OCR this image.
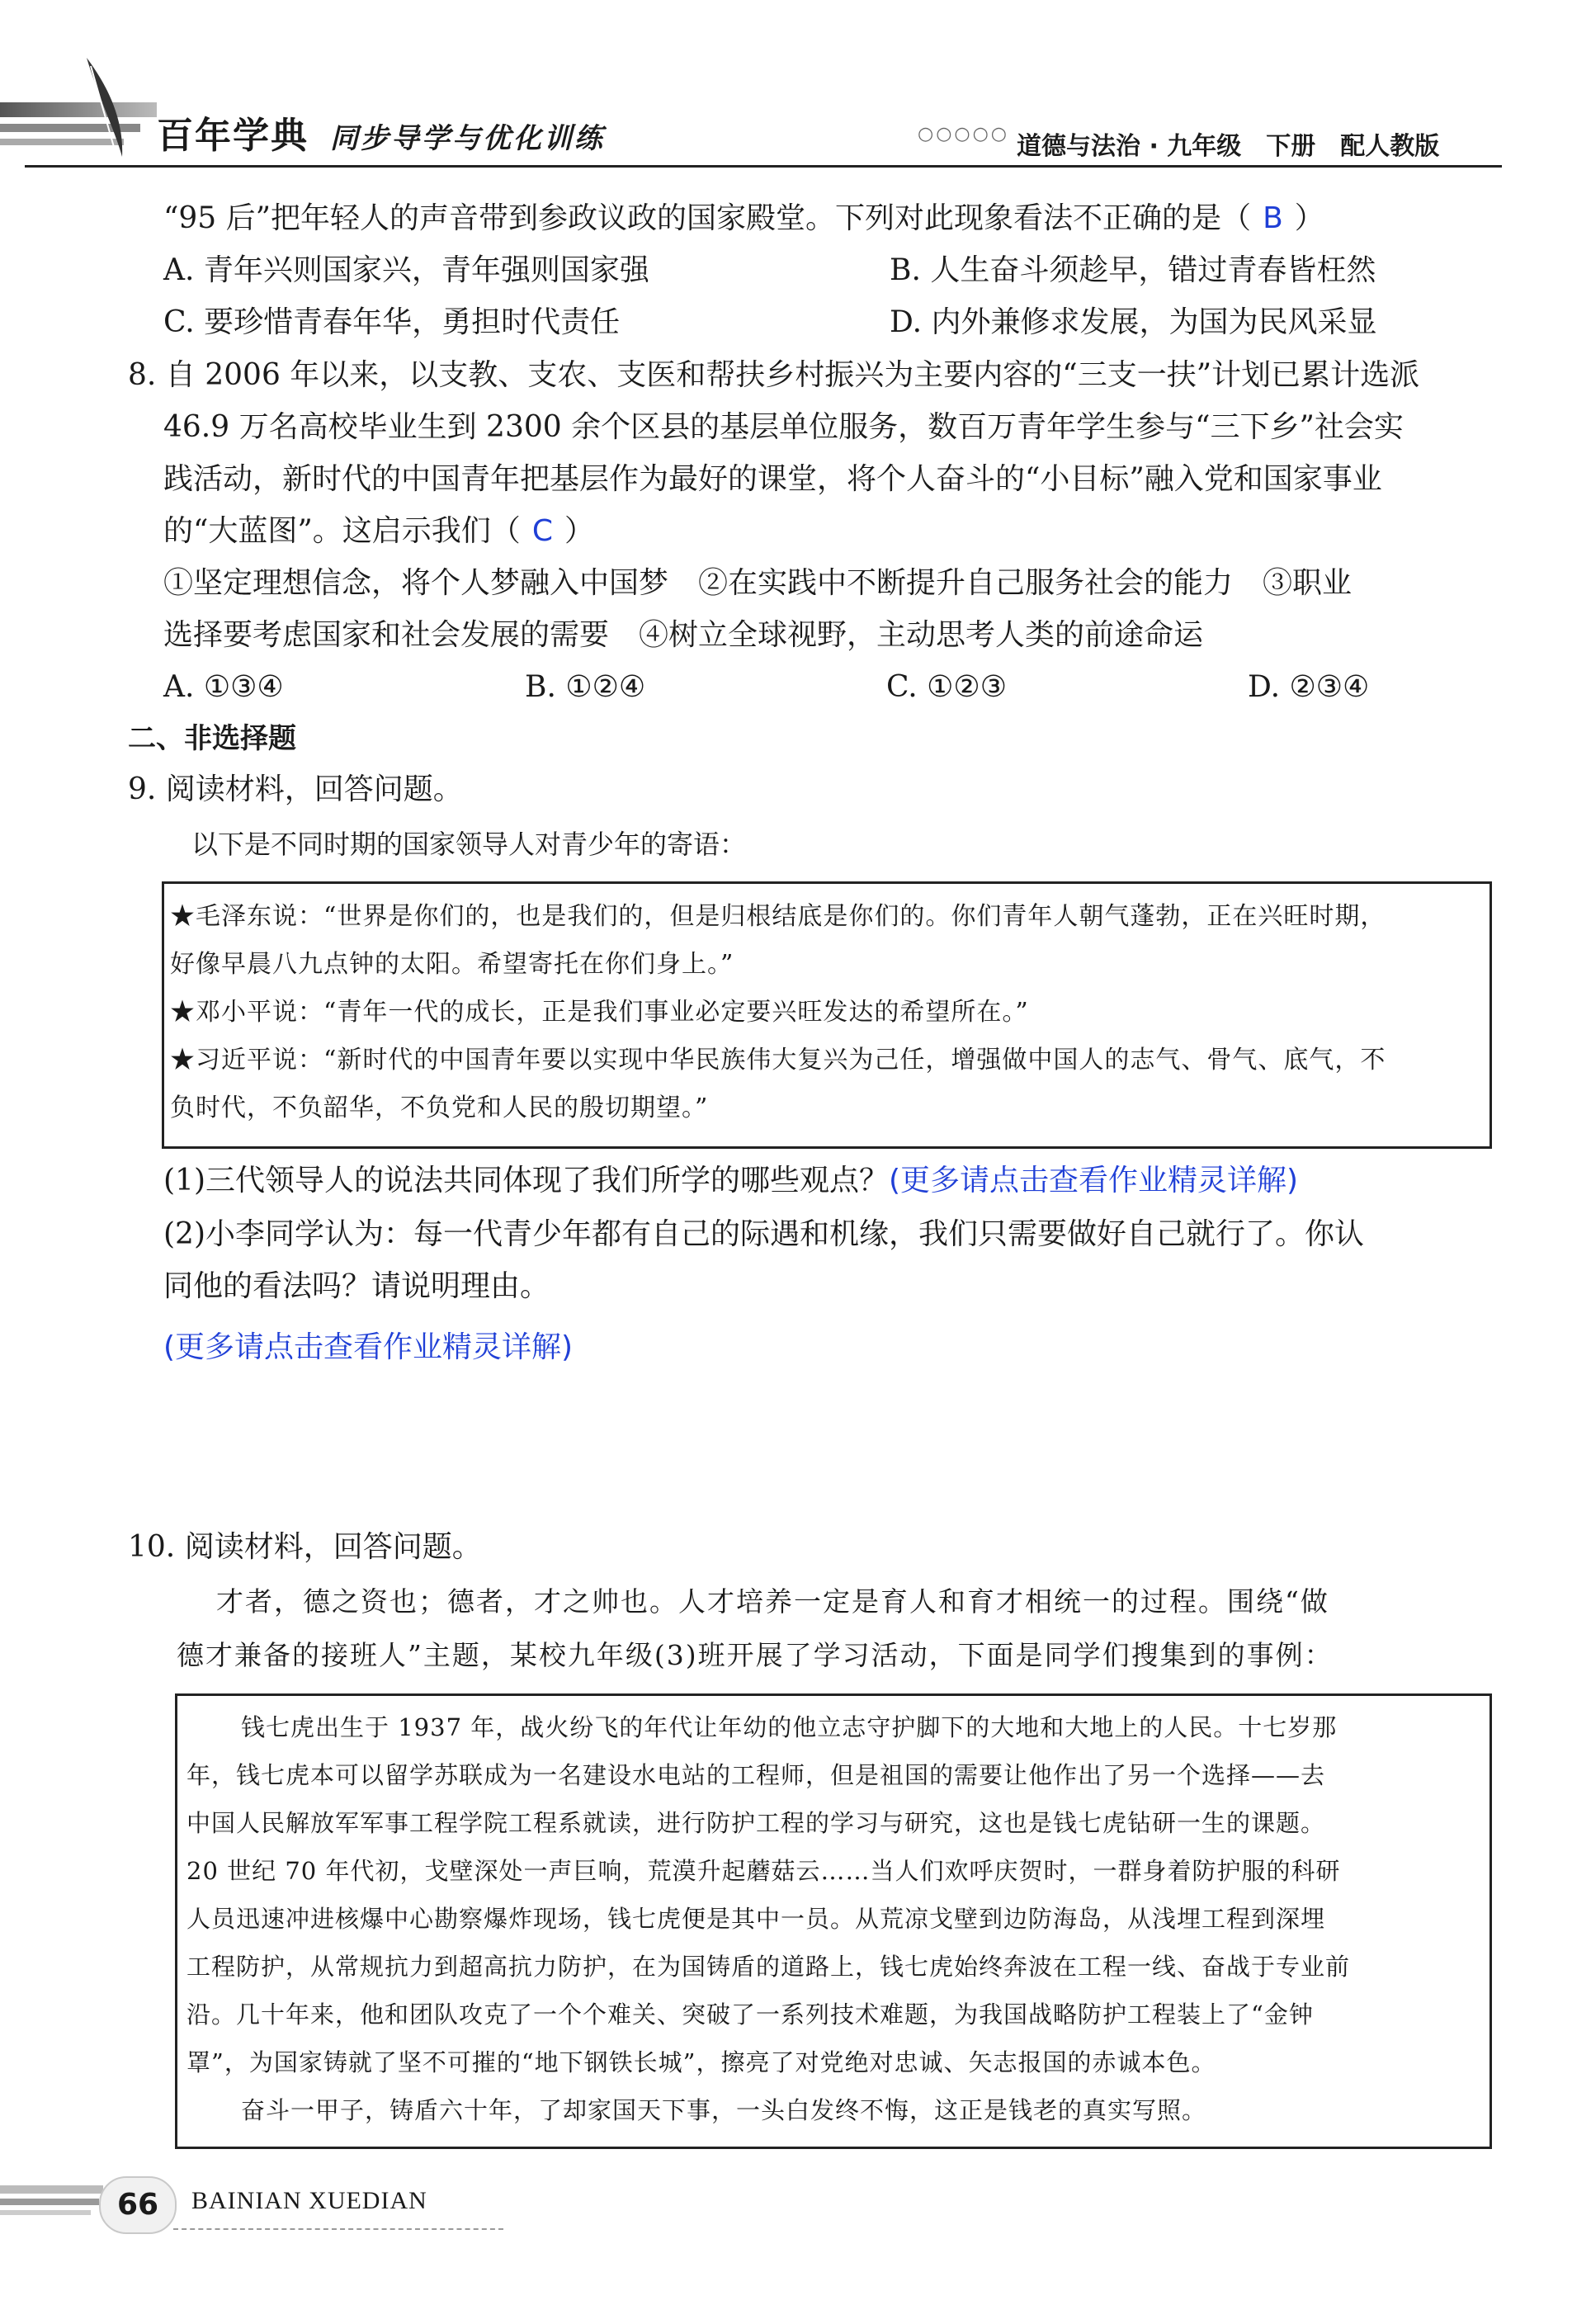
百年学典 同步导学与优化训练	○○○○○ 道德与法治 · 九年级　下册　配人教版
“95 后”把年轻人的声音带到参政议政的国家殿堂。下列对此现象看法不正确的是（ B ）
A. 青年兴则国家兴，青年强则国家强	B. 人生奋斗须趁早，错过青春皆枉然
C. 要珍惜青春年华，勇担时代责任	D. 内外兼修求发展，为国为民风采显
8. 自 2006 年以来，以支教、支农、支医和帮扶乡村振兴为主要内容的“三支一扶”计划已累计选派
46.9 万名高校毕业生到 2300 余个区县的基层单位服务，数百万青年学生参与“三下乡”社会实
践活动，新时代的中国青年把基层作为最好的课堂，将个人奋斗的“小目标”融入党和国家事业
的“大蓝图”。这启示我们（ C ）
①坚定理想信念，将个人梦融入中国梦　②在实践中不断提升自己服务社会的能力　③职业
选择要考虑国家和社会发展的需要　④树立全球视野，主动思考人类的前途命运
A. ①③④	B. ①②④	C. ①②③	D. ②③④
二、非选择题
9. 阅读材料，回答问题。
以下是不同时期的国家领导人对青少年的寄语：
★毛泽东说：“世界是你们的，也是我们的，但是归根结底是你们的。你们青年人朝气蓬勃，正在兴旺时期，
好像早晨八九点钟的太阳。希望寄托在你们身上。”
★邓小平说：“青年一代的成长，正是我们事业必定要兴旺发达的希望所在。”
★习近平说：“新时代的中国青年要以实现中华民族伟大复兴为己任，增强做中国人的志气、骨气、底气，不
负时代，不负韶华，不负党和人民的殷切期望。”
(1)三代领导人的说法共同体现了我们所学的哪些观点？(更多请点击查看作业精灵详解)
(2)小李同学认为：每一代青少年都有自己的际遇和机缘，我们只需要做好自己就行了。你认
同他的看法吗？请说明理由。
(更多请点击查看作业精灵详解)
10. 阅读材料，回答问题。
才者，德之资也；德者，才之帅也。人才培养一定是育人和育才相统一的过程。围绕“做
德才兼备的接班人”主题，某校九年级(3)班开展了学习活动，下面是同学们搜集到的事例：
钱七虎出生于 1937 年，战火纷飞的年代让年幼的他立志守护脚下的大地和大地上的人民。十七岁那
年，钱七虎本可以留学苏联成为一名建设水电站的工程师，但是祖国的需要让他作出了另一个选择——去
中国人民解放军军事工程学院工程系就读，进行防护工程的学习与研究，这也是钱七虎钻研一生的课题。
20 世纪 70 年代初，戈壁深处一声巨响，荒漠升起蘑菇云……当人们欢呼庆贺时，一群身着防护服的科研
人员迅速冲进核爆中心勘察爆炸现场，钱七虎便是其中一员。从荒凉戈壁到边防海岛，从浅埋工程到深埋
工程防护，从常规抗力到超高抗力防护，在为国铸盾的道路上，钱七虎始终奔波在工程一线、奋战于专业前
沿。几十年来，他和团队攻克了一个个难关、突破了一系列技术难题，为我国战略防护工程装上了“金钟
罩”，为国家铸就了坚不可摧的“地下钢铁长城”，擦亮了对党绝对忠诚、矢志报国的赤诚本色。
奋斗一甲子，铸盾六十年，了却家国天下事，一头白发终不悔，这正是钱老的真实写照。
66	BAINIAN XUEDIAN
